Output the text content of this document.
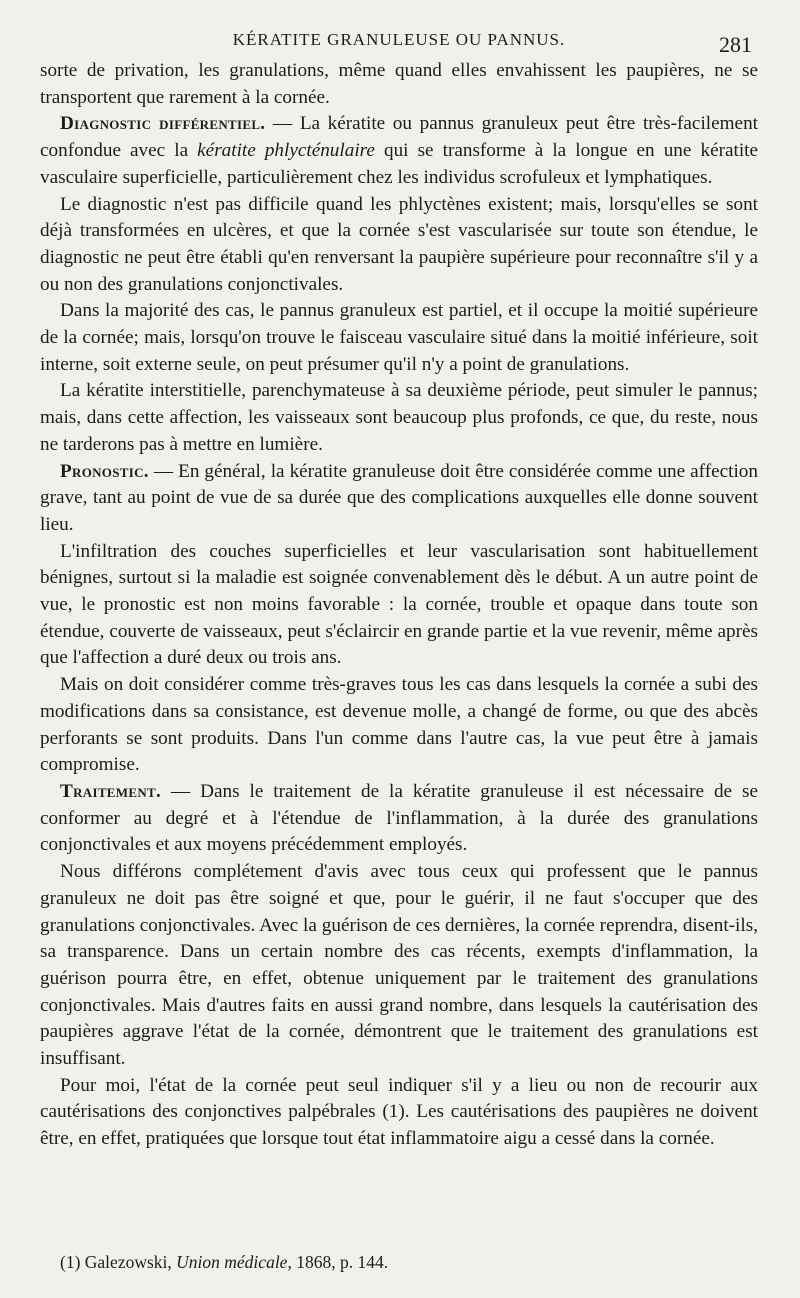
KÉRATITE GRANULEUSE OU PANNUS.	281

sorte de privation, les granulations, même quand elles envahissent les paupières, ne se transportent que rarement à la cornée.

Diagnostic différentiel. — La kératite ou pannus granuleux peut être très-facilement confondue avec la kératite phlycténulaire qui se transforme à la longue en une kératite vasculaire superficielle, particulièrement chez les individus scrofuleux et lymphatiques.

Le diagnostic n'est pas difficile quand les phlyctènes existent; mais, lorsqu'elles se sont déjà transformées en ulcères, et que la cornée s'est vascularisée sur toute son étendue, le diagnostic ne peut être établi qu'en renversant la paupière supérieure pour reconnaître s'il y a ou non des granulations conjonctivales.

Dans la majorité des cas, le pannus granuleux est partiel, et il occupe la moitié supérieure de la cornée; mais, lorsqu'on trouve le faisceau vasculaire situé dans la moitié inférieure, soit interne, soit externe seule, on peut présumer qu'il n'y a point de granulations.

La kératite interstitielle, parenchymateuse à sa deuxième période, peut simuler le pannus; mais, dans cette affection, les vaisseaux sont beaucoup plus profonds, ce que, du reste, nous ne tarderons pas à mettre en lumière.

Pronostic. — En général, la kératite granuleuse doit être considérée comme une affection grave, tant au point de vue de sa durée que des complications auxquelles elle donne souvent lieu.

L'infiltration des couches superficielles et leur vascularisation sont habituellement bénignes, surtout si la maladie est soignée convenablement dès le début. A un autre point de vue, le pronostic est non moins favorable : la cornée, trouble et opaque dans toute son étendue, couverte de vaisseaux, peut s'éclaircir en grande partie et la vue revenir, même après que l'affection a duré deux ou trois ans.

Mais on doit considérer comme très-graves tous les cas dans lesquels la cornée a subi des modifications dans sa consistance, est devenue molle, a changé de forme, ou que des abcès perforants se sont produits. Dans l'un comme dans l'autre cas, la vue peut être à jamais compromise.

Traitement. — Dans le traitement de la kératite granuleuse il est nécessaire de se conformer au degré et à l'étendue de l'inflammation, à la durée des granulations conjonctivales et aux moyens précédemment employés.

Nous différons complétement d'avis avec tous ceux qui professent que le pannus granuleux ne doit pas être soigné et que, pour le guérir, il ne faut s'occuper que des granulations conjonctivales. Avec la guérison de ces dernières, la cornée reprendra, disent-ils, sa transparence. Dans un certain nombre des cas récents, exempts d'inflammation, la guérison pourra être, en effet, obtenue uniquement par le traitement des granulations conjonctivales. Mais d'autres faits en aussi grand nombre, dans lesquels la cautérisation des paupières aggrave l'état de la cornée, démontrent que le traitement des granulations est insuffisant.

Pour moi, l'état de la cornée peut seul indiquer s'il y a lieu ou non de recourir aux cautérisations des conjonctives palpébrales (1). Les cautérisations des paupières ne doivent être, en effet, pratiquées que lorsque tout état inflammatoire aigu a cessé dans la cornée.

(1) Galezowski, Union médicale, 1868, p. 144.
